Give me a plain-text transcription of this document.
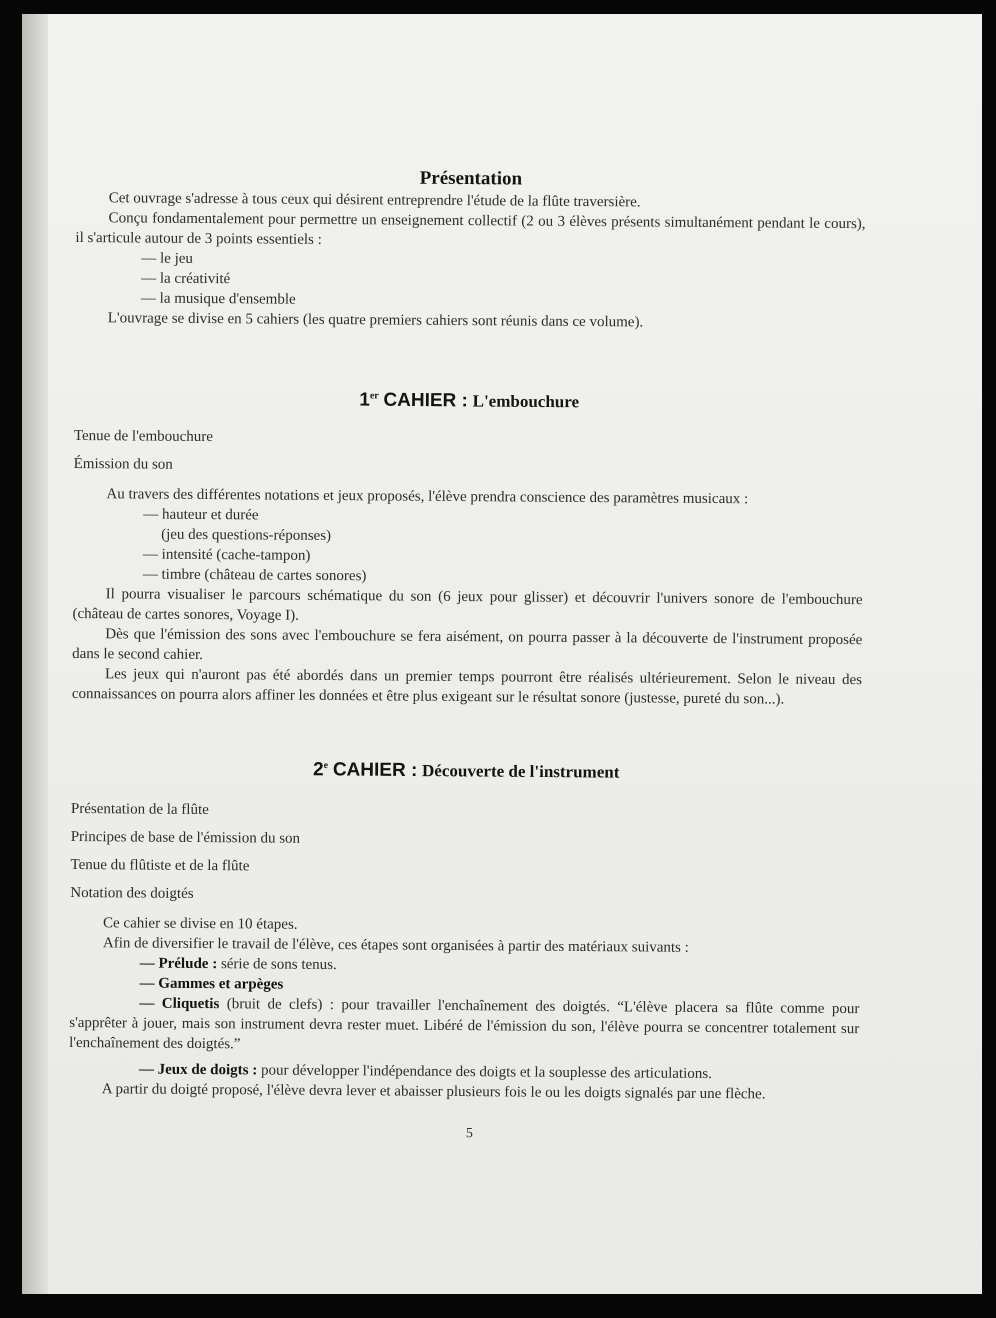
Présentation

Cet ouvrage s'adresse à tous ceux qui désirent entreprendre l'étude de la flûte traversière.

Conçu fondamentalement pour permettre un enseignement collectif (2 ou 3 élèves présents simultanément pendant le cours), il s'articule autour de 3 points essentiels :

— le jeu

— la créativité

— la musique d'ensemble

L'ouvrage se divise en 5 cahiers (les quatre premiers cahiers sont réunis dans ce volume).

1er CAHIER : L'embouchure

Tenue de l'embouchure

Émission du son

Au travers des différentes notations et jeux proposés, l'élève prendra conscience des paramètres musicaux :

— hauteur et durée

(jeu des questions-réponses)

— intensité (cache-tampon)

— timbre (château de cartes sonores)

Il pourra visualiser le parcours schématique du son (6 jeux pour glisser) et découvrir l'univers sonore de l'embouchure (château de cartes sonores, Voyage I).

Dès que l'émission des sons avec l'embouchure se fera aisément, on pourra passer à la découverte de l'instrument proposée dans le second cahier.

Les jeux qui n'auront pas été abordés dans un premier temps pourront être réalisés ultérieurement. Selon le niveau des connaissances on pourra alors affiner les données et être plus exigeant sur le résultat sonore (justesse, pureté du son...).

2e CAHIER : Découverte de l'instrument

Présentation de la flûte

Principes de base de l'émission du son

Tenue du flûtiste et de la flûte

Notation des doigtés

Ce cahier se divise en 10 étapes.

Afin de diversifier le travail de l'élève, ces étapes sont organisées à partir des matériaux suivants :

— Prélude : série de sons tenus.

— Gammes et arpèges

— Cliquetis (bruit de clefs) : pour travailler l'enchaînement des doigtés. “L'élève placera sa flûte comme pour s'apprêter à jouer, mais son instrument devra rester muet. Libéré de l'émission du son, l'élève pourra se concentrer totalement sur l'enchaînement des doigtés.”

— Jeux de doigts : pour développer l'indépendance des doigts et la souplesse des articulations.

A partir du doigté proposé, l'élève devra lever et abaisser plusieurs fois le ou les doigts signalés par une flèche.

5
